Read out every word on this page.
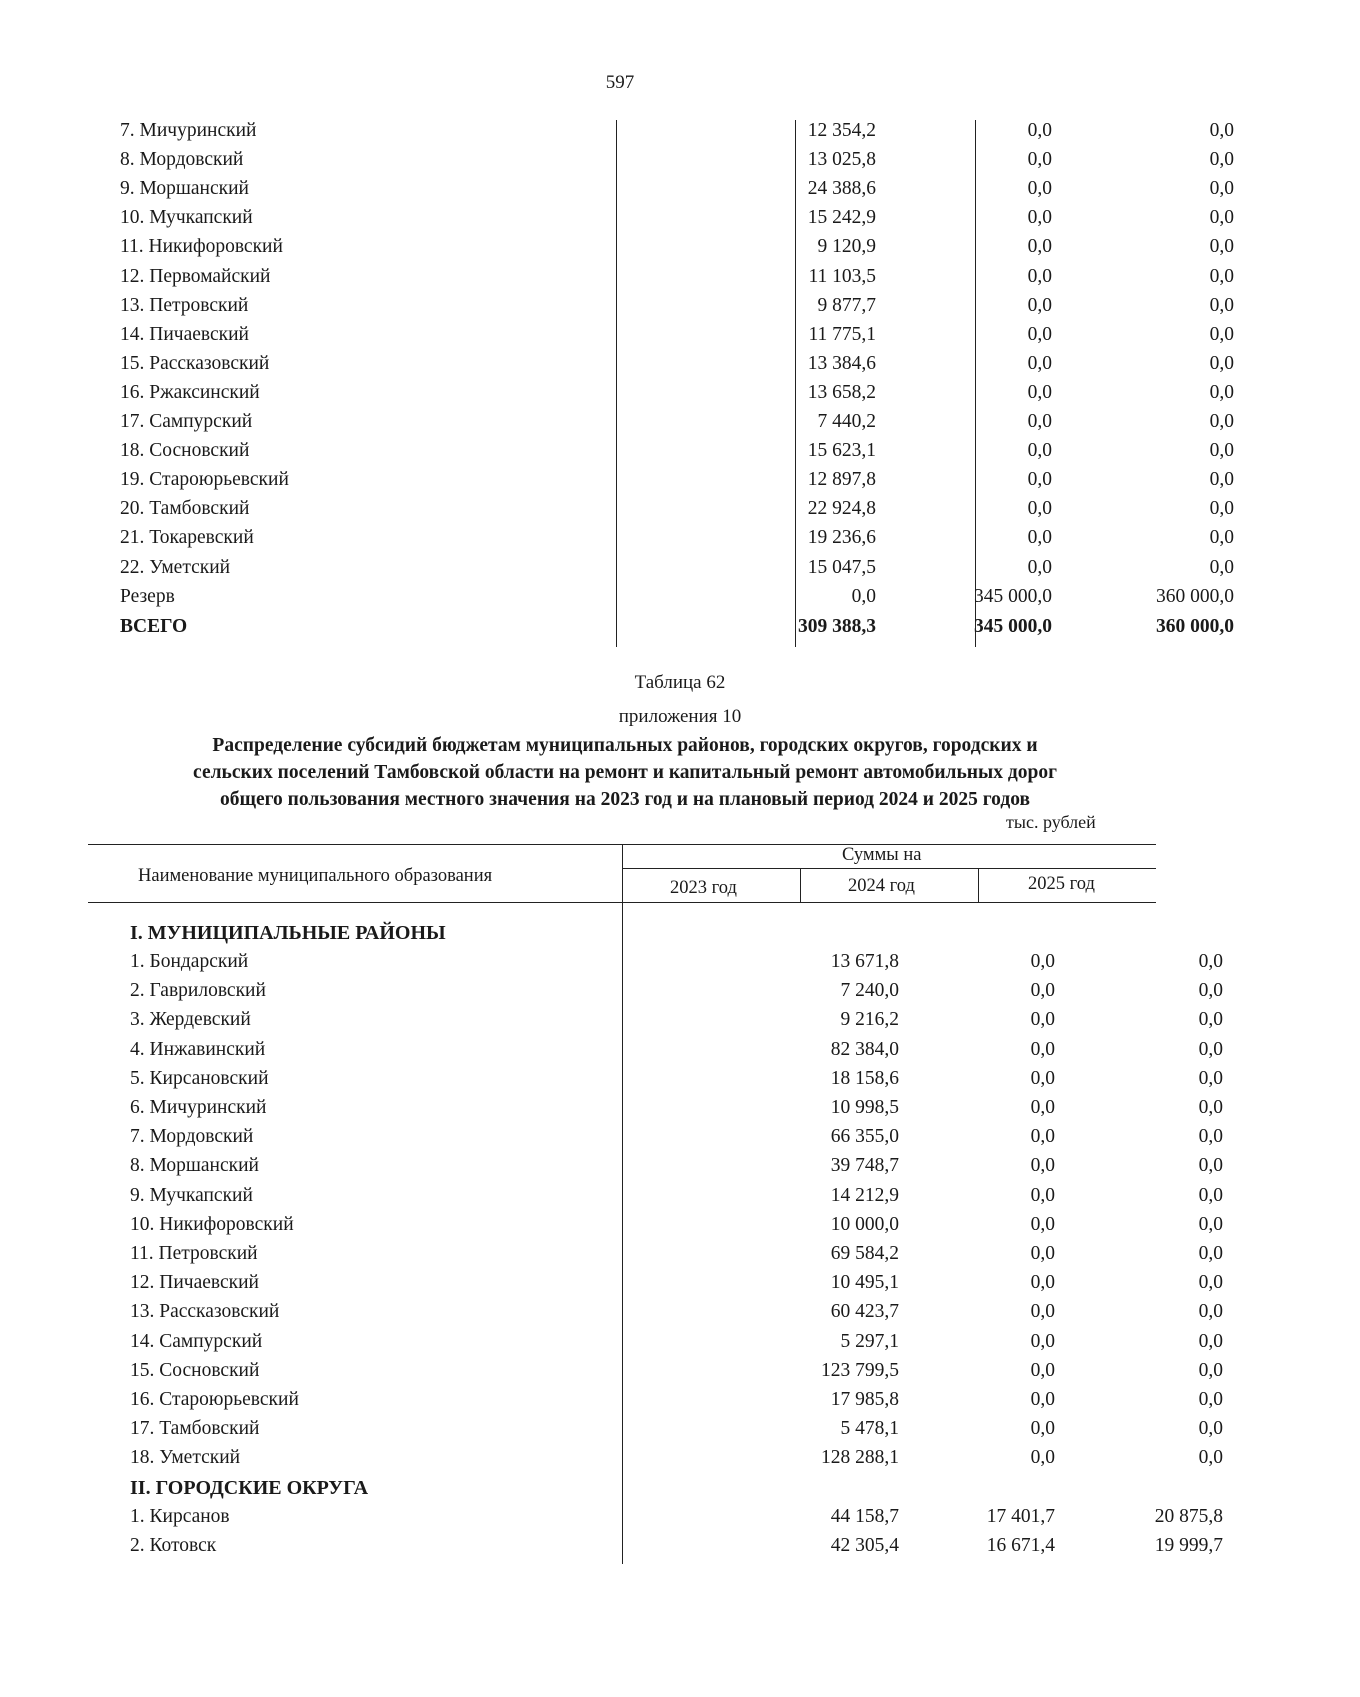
597
7. Мичуринский	12 354,2	0,0	0,0
8. Мордовский	13 025,8	0,0	0,0
9. Моршанский	24 388,6	0,0	0,0
10. Мучкапский	15 242,9	0,0	0,0
11. Никифоровский	9 120,9	0,0	0,0
12. Первомайский	11 103,5	0,0	0,0
13. Петровский	9 877,7	0,0	0,0
14. Пичаевский	11 775,1	0,0	0,0
15. Рассказовский	13 384,6	0,0	0,0
16. Ржаксинский	13 658,2	0,0	0,0
17. Сампурский	7 440,2	0,0	0,0
18. Сосновский	15 623,1	0,0	0,0
19. Староюрьевский	12 897,8	0,0	0,0
20. Тамбовский	22 924,8	0,0	0,0
21. Токаревский	19 236,6	0,0	0,0
22. Уметский	15 047,5	0,0	0,0
Резерв	0,0	345 000,0	360 000,0
ВСЕГО	309 388,3	345 000,0	360 000,0
Таблица 62
приложения 10
Распределение субсидий бюджетам муниципальных районов, городских округов, городских и
сельских поселений Тамбовской области на ремонт и капитальный ремонт автомобильных дорог
общего пользования местного значения на 2023 год и на плановый период 2024 и 2025 годов
тыс. рублей
Наименование муниципального образования
Суммы на
2023 год	2024 год	2025 год
I. МУНИЦИПАЛЬНЫЕ РАЙОНЫ
1. Бондарский	13 671,8	0,0	0,0
2. Гавриловский	7 240,0	0,0	0,0
3. Жердевский	9 216,2	0,0	0,0
4. Инжавинский	82 384,0	0,0	0,0
5. Кирсановский	18 158,6	0,0	0,0
6. Мичуринский	10 998,5	0,0	0,0
7. Мордовский	66 355,0	0,0	0,0
8. Моршанский	39 748,7	0,0	0,0
9. Мучкапский	14 212,9	0,0	0,0
10. Никифоровский	10 000,0	0,0	0,0
11. Петровский	69 584,2	0,0	0,0
12. Пичаевский	10 495,1	0,0	0,0
13. Рассказовский	60 423,7	0,0	0,0
14. Сампурский	5 297,1	0,0	0,0
15. Сосновский	123 799,5	0,0	0,0
16. Староюрьевский	17 985,8	0,0	0,0
17. Тамбовский	5 478,1	0,0	0,0
18. Уметский	128 288,1	0,0	0,0
II. ГОРОДСКИЕ ОКРУГА
1. Кирсанов	44 158,7	17 401,7	20 875,8
2. Котовск	42 305,4	16 671,4	19 999,7
